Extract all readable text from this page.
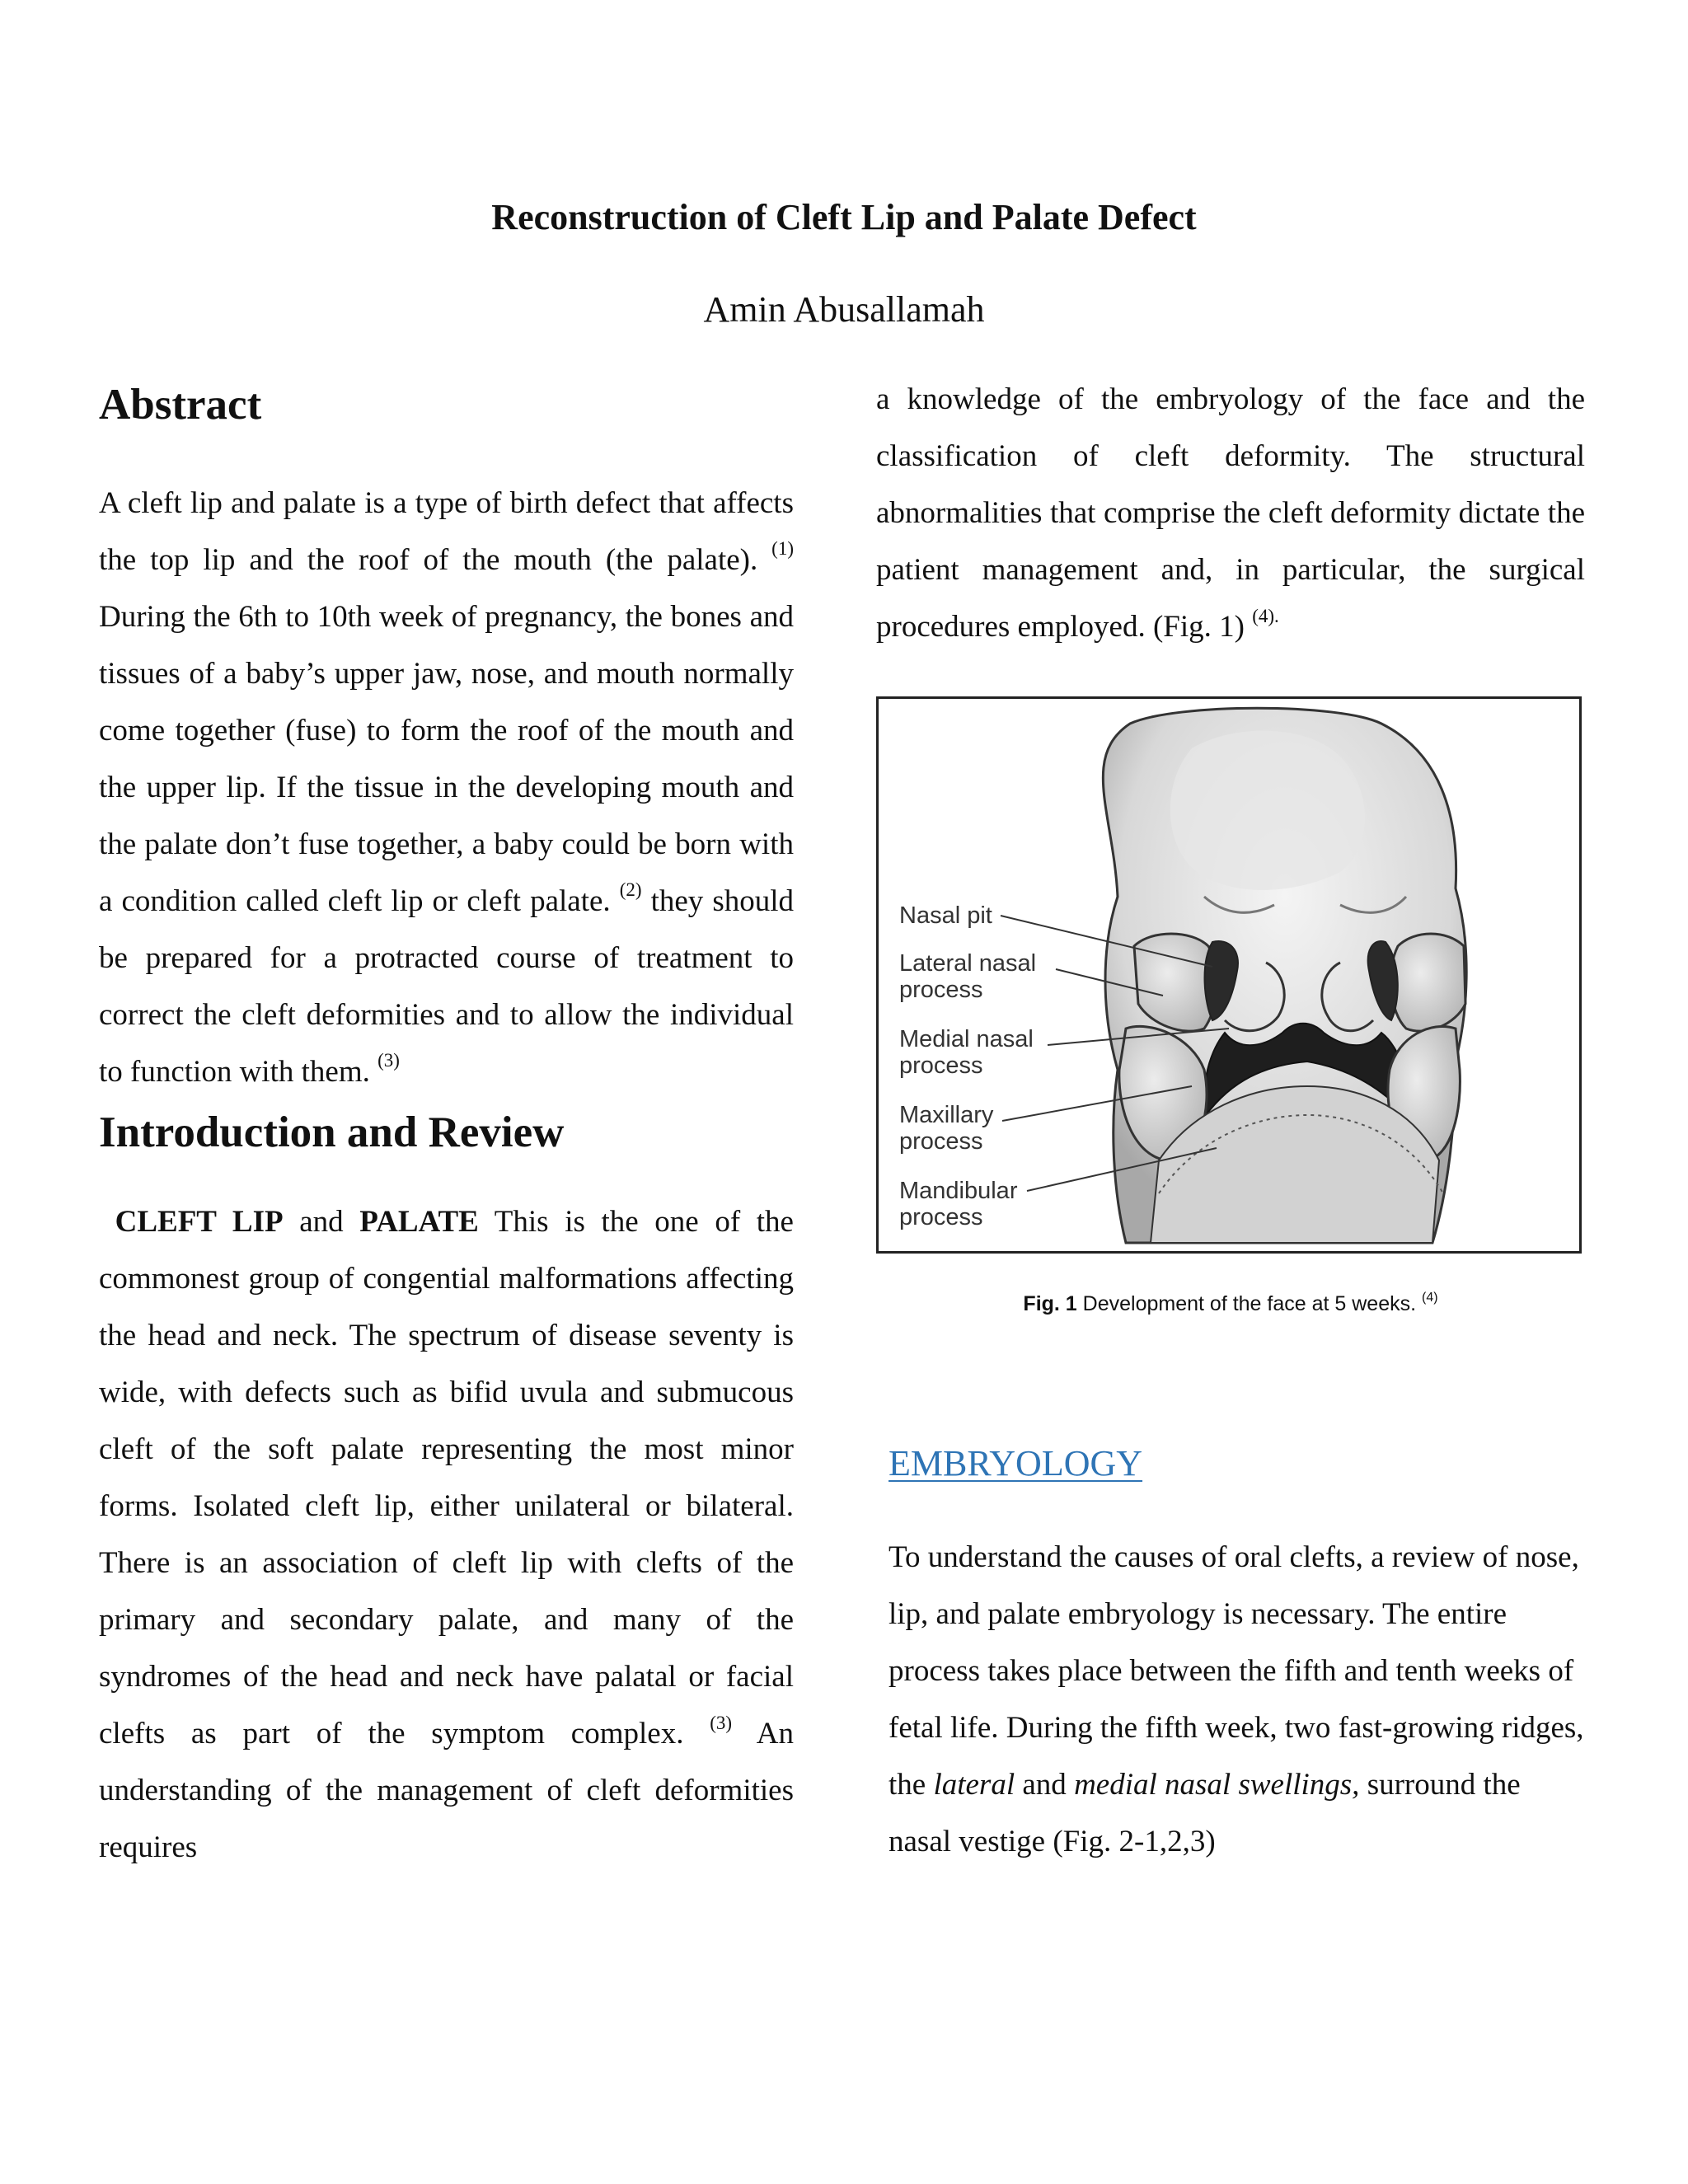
Reconstruction of Cleft Lip and Palate Defect
Amin Abusallamah
Abstract

A cleft lip and palate is a type of birth defect that affects the top lip and the roof of the mouth (the palate). $^{(1)}$ During the 6th to 10th week of pregnancy, the bones and tissues of a baby’s upper jaw, nose, and mouth normally come together (fuse) to form the roof of the mouth and the upper lip. If the tissue in the developing mouth and the palate don’t fuse together, a baby could be born with a condition called cleft lip or cleft palate. $^{(2)}$ they should be prepared for a protracted course of treatment to correct the cleft deformities and to allow the individual to function with them. $^{(3)}$

Introduction and Review

CLEFT LIP and PALATE This is the one of the commonest group of congential malformations affecting the head and neck. The spectrum of disease seventy is wide, with defects such as bifid uvula and submucous cleft of the soft palate representing the most minor forms. Isolated cleft lip, either unilateral or bilateral. There is an association of cleft lip with clefts of the primary and secondary palate, and many of the syndromes of the head and neck have palatal or facial clefts as part of the symptom complex. $^{(3)}$ An understanding of the management of cleft deformities requires

a knowledge of the embryology of the face and the classification of cleft deformity. The structural abnormalities that comprise the cleft deformity dictate the patient management and, in particular, the surgical procedures employed. (Fig. 1) $^{(4).}$

Nasal pit
Lateral nasal
process
Medial nasal
process
Maxillary
process
Mandibular
process
Fig. 1 Development of the face at 5 weeks. $^{(4)}$
EMBRYOLOGY

To understand the causes of oral clefts, a review of nose, lip, and palate embryology is necessary. The entire process takes place between the fifth and tenth weeks of fetal life. During the fifth week, two fast-growing ridges, the lateral and medial nasal swellings, surround the nasal vestige (Fig. 2-1,2,3)
